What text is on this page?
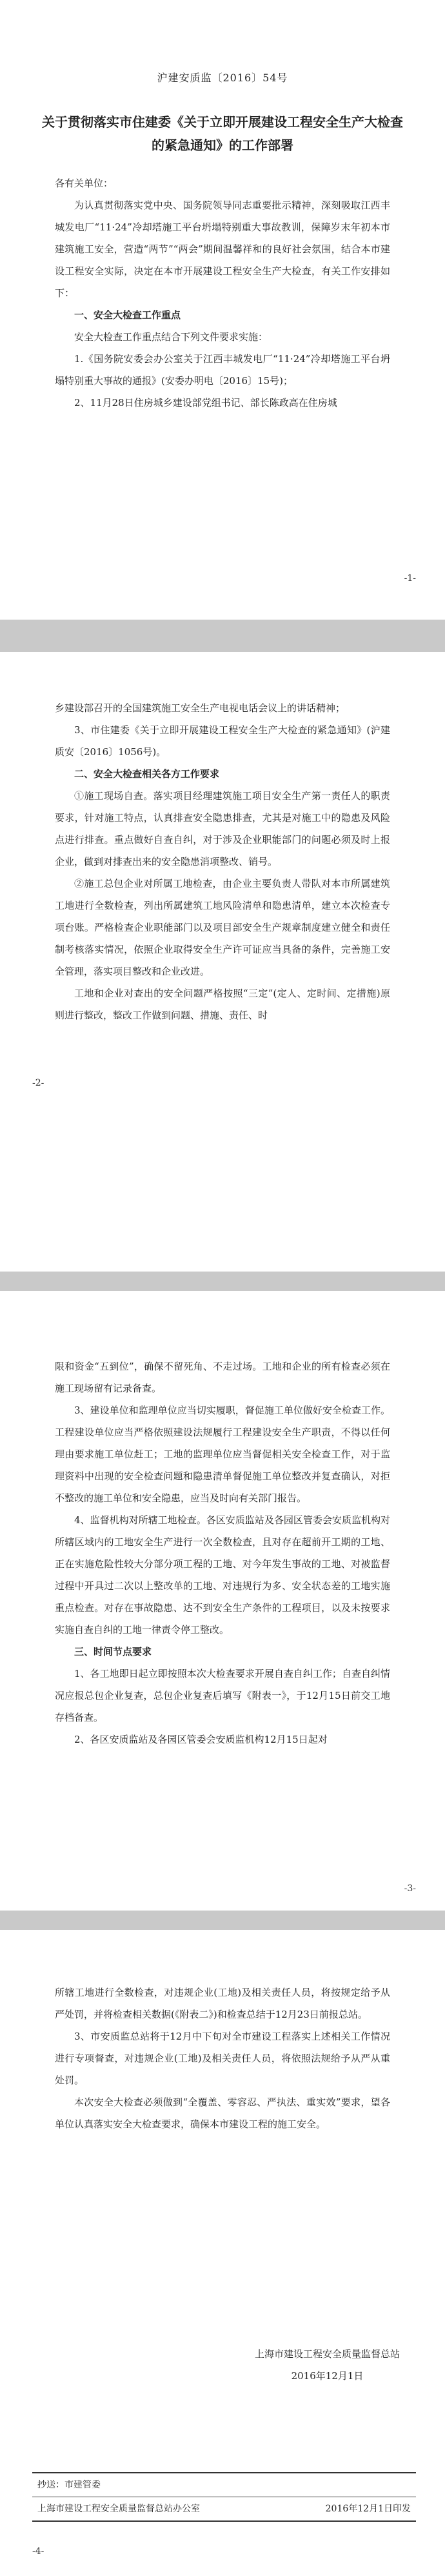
沪建安质监〔2016〕54号
关于贯彻落实市住建委《关于立即开展建设工程安全生产大检查的紧急通知》的工作部署
各有关单位：

为认真贯彻落实党中央、国务院领导同志重要批示精神，深刻吸取江西丰城发电厂“11·24”冷却塔施工平台坍塌特别重大事故教训，保障岁末年初本市建筑施工安全，营造“两节”“两会”期间温馨祥和的良好社会氛围，结合本市建设工程安全实际，决定在本市开展建设工程安全生产大检查，有关工作安排如下：

一、安全大检查工作重点

安全大检查工作重点结合下列文件要求实施：

1.《国务院安委会办公室关于江西丰城发电厂“11·24”冷却塔施工平台坍塌特别重大事故的通报》(安委办明电〔2016〕15号)；

2、11月28日住房城乡建设部党组书记、部长陈政高在住房城

-1-

乡建设部召开的全国建筑施工安全生产电视电话会议上的讲话精神；

3、市住建委《关于立即开展建设工程安全生产大检查的紧急通知》(沪建质安〔2016〕1056号)。

二、安全大检查相关各方工作要求

①施工现场自查。落实项目经理建筑施工项目安全生产第一责任人的职责要求，针对施工特点，认真排查安全隐患排查，尤其是对施工中的隐患及风险点进行排查。重点做好自查自纠，对于涉及企业职能部门的问题必须及时上报企业，做到对排查出来的安全隐患消项整改、销号。

②施工总包企业对所属工地检查，由企业主要负责人带队对本市所属建筑工地进行全数检查，列出所属建筑工地风险清单和隐患清单，建立本次检查专项台账。严格检查企业职能部门以及项目部安全生产规章制度建立健全和责任制考核落实情况，依照企业取得安全生产许可证应当具备的条件，完善施工安全管理，落实项目整改和企业改进。

工地和企业对查出的安全问题严格按照“三定”(定人、定时间、定措施)原则进行整改，整改工作做到问题、措施、责任、时

-2-

限和资金“五到位”，确保不留死角、不走过场。工地和企业的所有检查必须在施工现场留有记录备查。

3、建设单位和监理单位应当切实履职，督促施工单位做好安全检查工作。工程建设单位应当严格依照建设法规履行工程建设安全生产职责，不得以任何理由要求施工单位赶工；工地的监理单位应当督促相关安全检查工作，对于监理资料中出现的安全检查问题和隐患清单督促施工单位整改并复查确认，对拒不整改的施工单位和安全隐患，应当及时向有关部门报告。

4、监督机构对所辖工地检查。各区安质监站及各园区管委会安质监机构对所辖区域内的工地安全生产进行一次全数检查，且对存在超前开工期的工地、正在实施危险性较大分部分项工程的工地、对今年发生事故的工地、对被监督过程中开具过二次以上整改单的工地、对违规行为多、安全状态差的工地实施重点检查。对存在事故隐患、达不到安全生产条件的工程项目，以及未按要求实施自查自纠的工地一律责令停工整改。

三、时间节点要求

1、各工地即日起立即按照本次大检查要求开展自查自纠工作；自查自纠情况应报总包企业复查，总包企业复查后填写《附表一》，于12月15日前交工地存档备查。

2、各区安质监站及各园区管委会安质监机构12月15日起对

-3-

所辖工地进行全数检查，对违规企业(工地)及相关责任人员，将按规定给予从严处罚，并将检查相关数据(《附表二》)和检查总结于12月23日前报总站。

3、市安质监总站将于12月中下旬对全市建设工程落实上述相关工作情况进行专项督查，对违规企业(工地)及相关责任人员，将依照法规给予从严从重处罚。

本次安全大检查必须做到“全覆盖、零容忍、严执法、重实效”要求，望各单位认真落实安全大检查要求，确保本市建设工程的施工安全。

上海市建设工程安全质量监督总站
2016年12月1日
抄送：市建管委
上海市建设工程安全质量监督总站办公室	2016年12月1日印发
-4-
